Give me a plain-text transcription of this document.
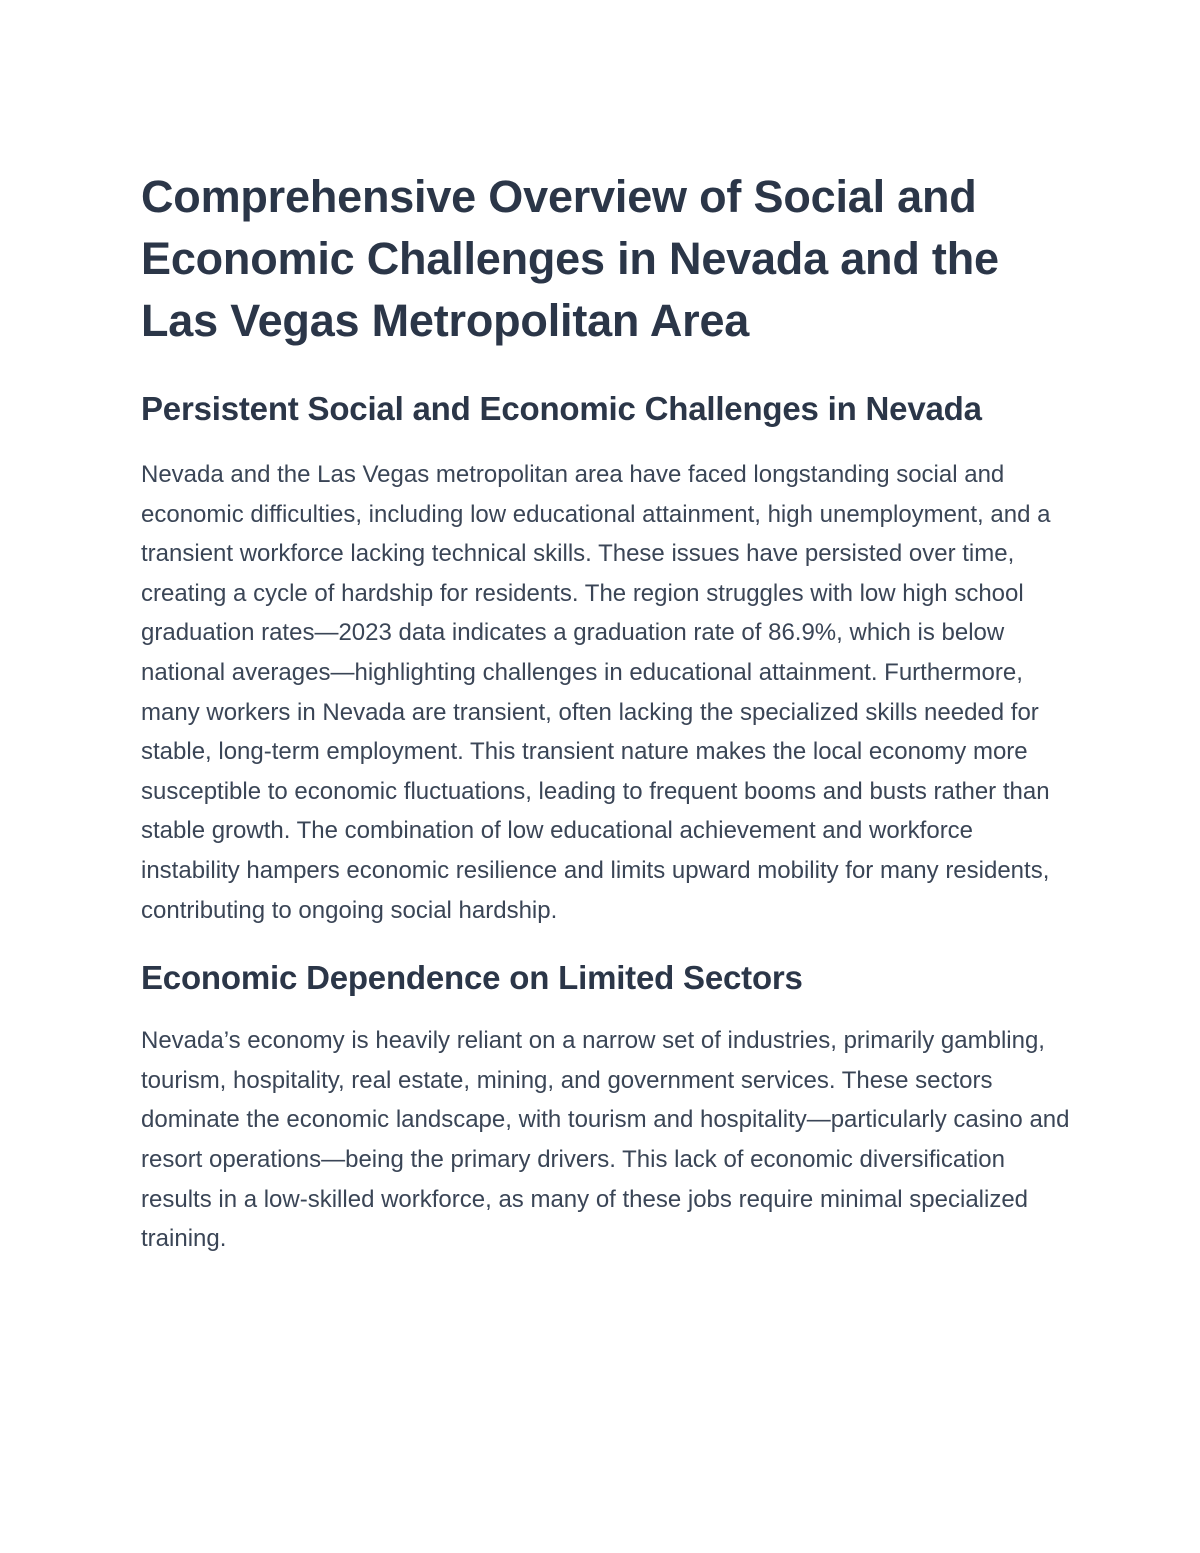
Comprehensive Overview of Social and Economic Challenges in Nevada and the Las Vegas Metropolitan Area
Persistent Social and Economic Challenges in Nevada

Nevada and the Las Vegas metropolitan area have faced longstanding social and economic difficulties, including low educational attainment, high unemployment, and a transient workforce lacking technical skills. These issues have persisted over time, creating a cycle of hardship for residents. The region struggles with low high school graduation rates—2023 data indicates a graduation rate of 86.9%, which is below national averages—highlighting challenges in educational attainment. Furthermore, many workers in Nevada are transient, often lacking the specialized skills needed for stable, long-term employment. This transient nature makes the local economy more susceptible to economic fluctuations, leading to frequent booms and busts rather than stable growth. The combination of low educational achievement and workforce instability hampers economic resilience and limits upward mobility for many residents, contributing to ongoing social hardship.

Economic Dependence on Limited Sectors

Nevada’s economy is heavily reliant on a narrow set of industries, primarily gambling, tourism, hospitality, real estate, mining, and government services. These sectors dominate the economic landscape, with tourism and hospitality—particularly casino and resort operations—being the primary drivers. This lack of economic diversification results in a low-skilled workforce, as many of these jobs require minimal specialized training.
